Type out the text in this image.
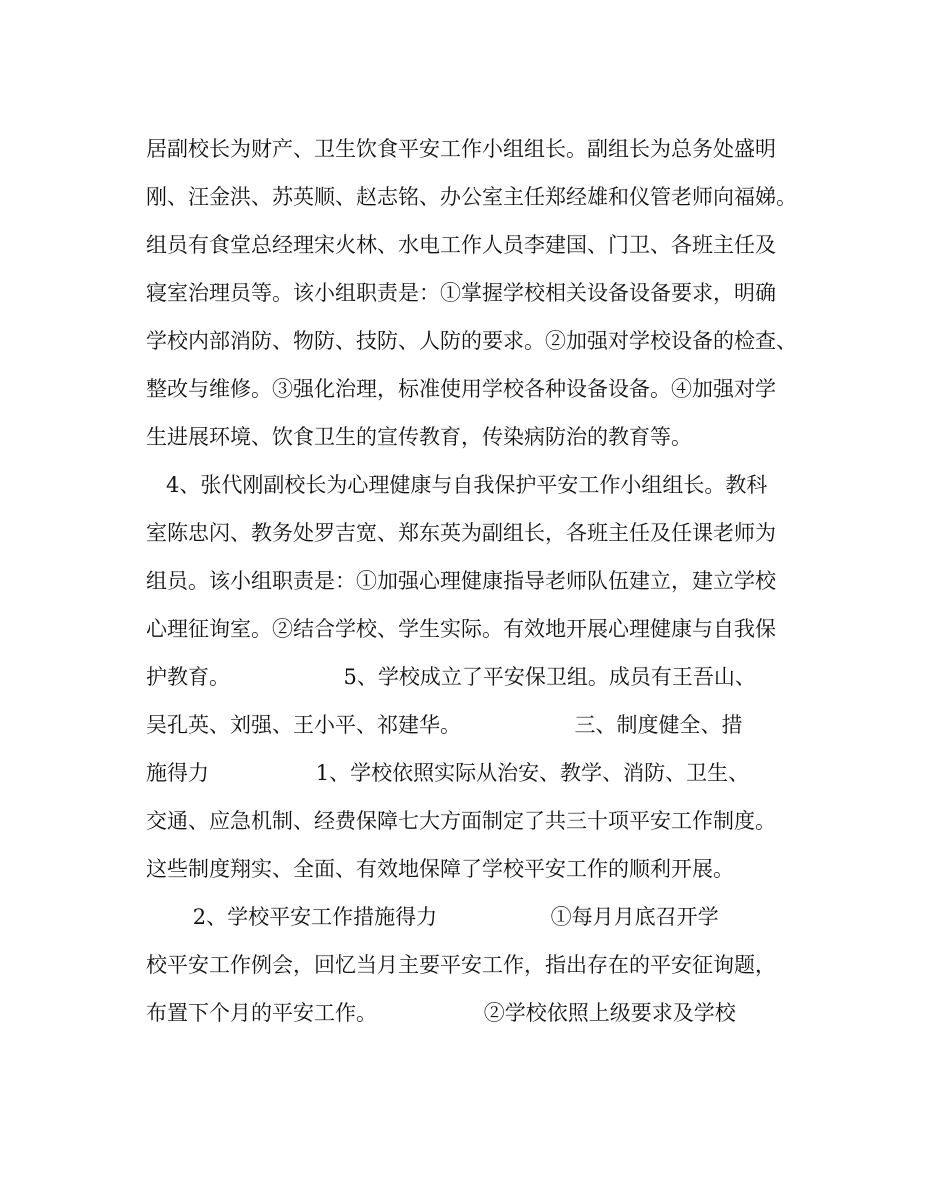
居副校长为财产、卫生饮食平安工作小组组长。副组长为总务处盛明
刚、汪金洪、苏英顺、赵志铭、办公室主任郑经雄和仪管老师向福娣。
组员有食堂总经理宋火林、水电工作人员李建国、门卫、各班主任及
寝室治理员等。该小组职责是：①掌握学校相关设备设备要求，明确
学校内部消防、物防、技防、人防的要求。②加强对学校设备的检查、
整改与维修。③强化治理，标准使用学校各种设备设备。④加强对学
生进展环境、饮食卫生的宣传教育，传染病防治的教育等。
4、张代刚副校长为心理健康与自我保护平安工作小组组长。教科
室陈忠闪、教务处罗吉宽、郑东英为副组长，各班主任及任课老师为
组员。该小组职责是：①加强心理健康指导老师队伍建立，建立学校
心理征询室。②结合学校、学生实际。有效地开展心理健康与自我保
护教育。                 5、学校成立了平安保卫组。成员有王吾山、
吴孔英、刘强、王小平、祁建华。                 三、制度健全、措
施得力                1、学校依照实际从治安、教学、消防、卫生、
交通、应急机制、经费保障七大方面制定了共三十项平安工作制度。
这些制度翔实、全面、有效地保障了学校平安工作的顺利开展。
2、学校平安工作措施得力                 ①每月月底召开学
校平安工作例会，回忆当月主要平安工作，指出存在的平安征询题，
布置下个月的平安工作。                ②学校依照上级要求及学校
